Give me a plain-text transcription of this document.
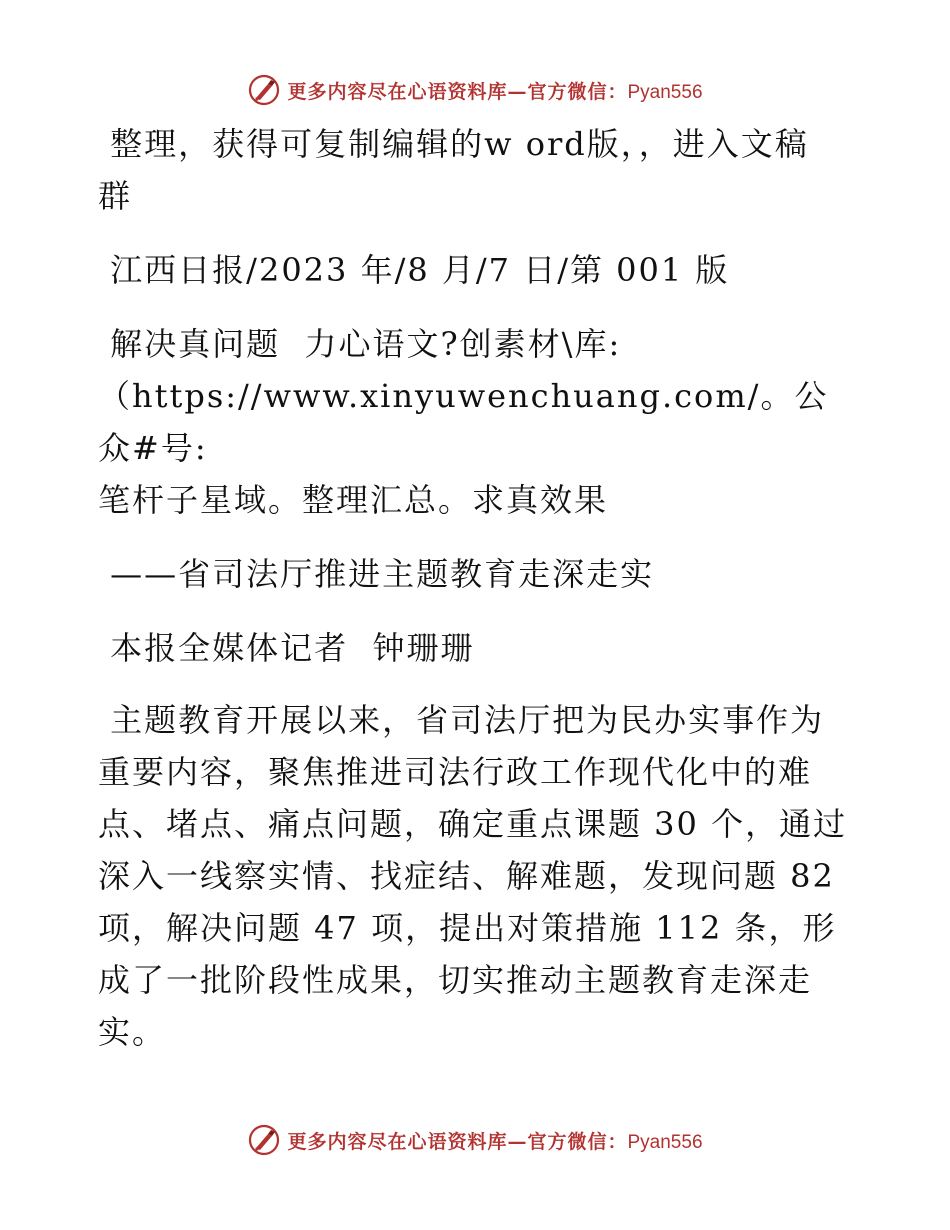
更多内容尽在心语资料库—官方微信：Pyan556

整理，获得可复制编辑的w ord版，，进入文稿

群

江西日报/2023 年/8 月/7 日/第 001 版

解决真问题  力心语文?创素材\库:

（https://www.xinyuwenchuang.com/。公众#号:

笔杆子星域。整理汇总。求真效果

——省司法厅推进主题教育走深走实

本报全媒体记者  钟珊珊

主题教育开展以来，省司法厅把为民办实事作为

重要内容，聚焦推进司法行政工作现代化中的难

点、堵点、痛点问题，确定重点课题 30 个，通过

深入一线察实情、找症结、解难题，发现问题 82

项，解决问题 47 项，提出对策措施 112 条，形

成了一批阶段性成果，切实推动主题教育走深走

实。

更多内容尽在心语资料库—官方微信：Pyan556
